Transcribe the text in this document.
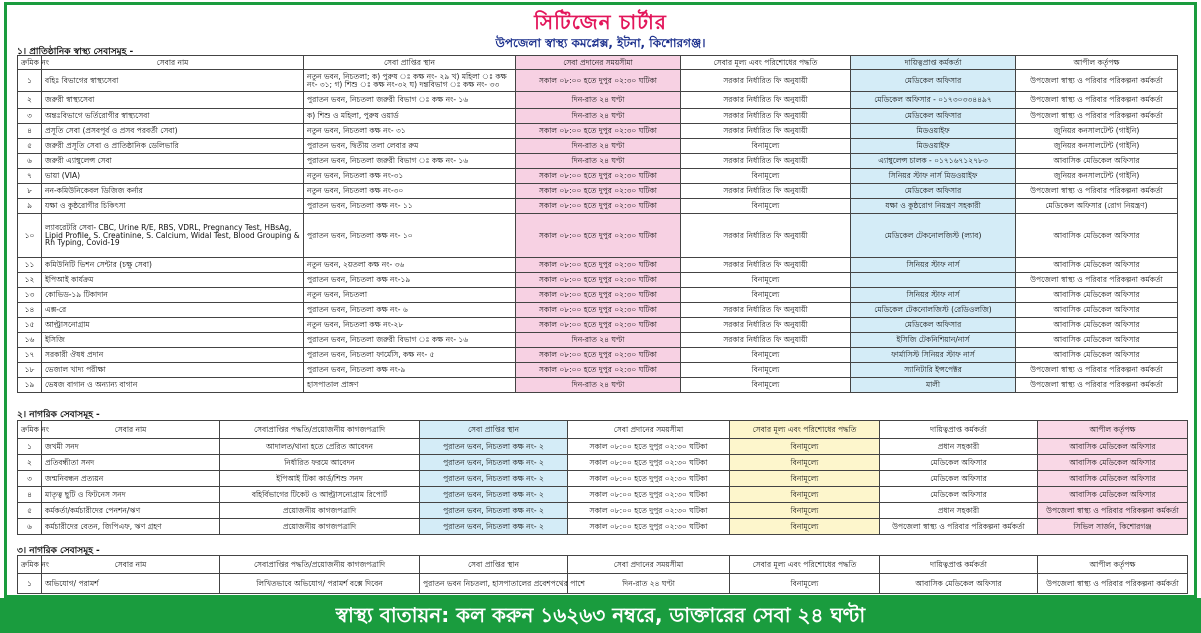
সিটিজেন চার্টার
উপজেলা স্বাস্থ্য কমপ্লেক্স, ইটনা, কিশোরগঞ্জ।
১। প্রাতিষ্ঠানিক স্বাস্থ্য সেবাসমূহ -
ক্রমিক নং	সেবার নাম	সেবা প্রাপ্তির স্থান	সেবা প্রদানের সময়সীমা	সেবার মূল্য এবং পরিশোধের পদ্ধতি	দায়িত্বপ্রাপ্ত কর্মকর্তা	আপীল কর্তৃপক্ষ
১	বহিঃ বিভাগের স্বাস্থ্যসেবা	নতুন ভবন, নিচতলা; ক) পুরুষ ঃ কক্ষ নং- ২৯ খ) মহিলা ঃ কক্ষ নং- ৩১; গ) শিশু ঃ কক্ষ নং-৩২ ঘ) দন্তবিভাগ ঃ কক্ষ নং- ৩৩	সকাল ০৮:০০ হতে দুপুর ০২:৩০ ঘটিকা	সরকার নির্ধারিত ফি অনুযায়ী	মেডিকেল অফিসার	উপজেলা স্বাস্থ্য ও পরিবার পরিকল্পনা কর্মকর্তা
২	জরুরী স্বাস্থ্যসেবা	পুরাতন ভবন, নিচতলা জরুরী বিভাগ ঃ কক্ষ নং- ১৬	দিন-রাত ২৪ ঘণ্টা	সরকার নির্ধারিত ফি অনুযায়ী	মেডিকেল অফিসার - ০১৭৩০৩৩৪৪৯৭	উপজেলা স্বাস্থ্য ও পরিবার পরিকল্পনা কর্মকর্তা
৩	অন্তঃবিভাগে ভর্তিরোগীর স্বাস্থ্যসেবা	ক) শিশু ও মহিলা, পুরুষ ওয়ার্ড	দিন-রাত ২৪ ঘণ্টা	সরকার নির্ধারিত ফি অনুযায়ী	মেডিকেল অফিসার	উপজেলা স্বাস্থ্য ও পরিবার পরিকল্পনা কর্মকর্তা
৪	প্রসূতি সেবা (প্রসবপূর্ব ও প্রসব পরবর্তী সেবা)	নতুন ভবন, নিচতলা কক্ষ নং- ৩১	সকাল ০৮:০০ হতে দুপুর ০২:৩০ ঘটিকা	সরকার নির্ধারিত ফি অনুযায়ী	মিডওয়াইফ	জুনিয়র কনসালটেন্ট (গাইনি)
৫	জরুরী প্রসূতি সেবা ও প্রাতিষ্ঠানিক ডেলিভারি	পুরাতন ভবন, দ্বিতীয় তলা লেবার রুম	দিন-রাত ২৪ ঘণ্টা	বিনামূল্যে	মিডওয়াইফ	জুনিয়র কনসালটেন্ট (গাইনি)
৬	জরুরী এ্যাম্বুলেন্স সেবা	পুরাতন ভবন, নিচতলা জরুরী বিভাগ ঃ কক্ষ নং- ১৬	দিন-রাত ২৪ ঘণ্টা	সরকার নির্ধারিত ফি অনুযায়ী	এ্যাম্বুলেন্স চালক - ০১৭১৬৭১২৭৮৩	আবাসিক মেডিকেল অফিসার
৭	ভায়া (VIA)	নতুন ভবন, নিচতলা কক্ষ নং-৩১	সকাল ০৮:০০ হতে দুপুর ০২:৩০ ঘটিকা	বিনামূল্যে	সিনিয়র স্টাফ নার্স মিডওয়াইফ	জুনিয়র কনসালটেন্ট (গাইনি)
৮	নন-কমিউনিকেবল ডিজিজ কর্নার	নতুন ভবন, নিচতলা কক্ষ নং-৩০	সকাল ০৮:০০ হতে দুপুর ০২:৩০ ঘটিকা	সরকার নির্ধারিত ফি অনুযায়ী	মেডিকেল অফিসার	উপজেলা স্বাস্থ্য ও পরিবার পরিকল্পনা কর্মকর্তা
৯	যক্ষা ও কুষ্ঠরোগীর চিকিৎসা	পুরাতন ভবন, নিচতলা কক্ষ নং- ১১	সকাল ০৮:০০ হতে দুপুর ০২:৩০ ঘটিকা	বিনামূল্যে	যক্ষা ও কুষ্ঠরোগ নিয়ন্ত্রণ সহকারী	মেডিকেল অফিসার (রোগ নিয়ন্ত্রণ)
১০	ল্যাবরেটরি সেবা- CBC, Urine R/E, RBS, VDRL, Pregnancy Test, HBsAg, Lipid Profile, S. Creatinine, S. Calcium, Widal Test, Blood Grouping & Rh Typing, Covid-19	পুরাতন ভবন, নিচতলা কক্ষ নং- ১০	সকাল ০৮:০০ হতে দুপুর ০২:৩০ ঘটিকা	সরকার নির্ধারিত ফি অনুযায়ী	মেডিকেল টেকনোলজিস্ট (ল্যাব)	আবাসিক মেডিকেল অফিসার
১১	কমিউনিটি ভিশন সেন্টার (চক্ষু সেবা)	নতুন ভবন, ২য়তলা কক্ষ নং- ৩৬	সকাল ০৮:০০ হতে দুপুর ০২:৩০ ঘটিকা	সরকার নির্ধারিত ফি অনুযায়ী	সিনিয়র স্টাফ নার্স	আবাসিক মেডিকেল অফিসার
১২	ইপিআই কার্যক্রম	পুরাতন ভবন, নিচতলা কক্ষ নং-১৯	সকাল ০৮:০০ হতে দুপুর ০২:৩০ ঘটিকা	বিনামূল্যে		উপজেলা স্বাস্থ্য ও পরিবার পরিকল্পনা কর্মকর্তা
১৩	কোভিড-১৯ টিকাদান	নতুন ভবন, নিচতলা	সকাল ০৮:০০ হতে দুপুর ০২:৩০ ঘটিকা	বিনামূল্যে	সিনিয়র স্টাফ নার্স	আবাসিক মেডিকেল অফিসার
১৪	এক্স-রে	পুরাতন ভবন, নিচতলা কক্ষ নং- ৬	সকাল ০৮:০০ হতে দুপুর ০২:৩০ ঘটিকা	সরকার নির্ধারিত ফি অনুযায়ী	মেডিকেল টেকনোলজিস্ট (রেডিওলজি)	আবাসিক মেডিকেল অফিসার
১৫	আল্ট্রাসনোগ্রাম	নতুন ভবন, নিচতলা কক্ষ নং-২৮	সকাল ০৮:০০ হতে দুপুর ০২:৩০ ঘটিকা	সরকার নির্ধারিত ফি অনুযায়ী	মেডিকেল অফিসার	আবাসিক মেডিকেল অফিসার
১৬	ইসিজি	পুরাতন ভবন, নিচতলা জরুরী বিভাগ ঃ কক্ষ নং- ১৬	দিন-রাত ২৪ ঘণ্টা	সরকার নির্ধারিত ফি অনুযায়ী	ইসিজি টেকনিশিয়ান/নার্স	আবাসিক মেডিকেল অফিসার
১৭	সরকারী ঔষধ প্রদান	পুরাতন ভবন, নিচতলা ফার্মেসি, কক্ষ নং- ৫	সকাল ০৮:০০ হতে দুপুর ০২:৩০ ঘটিকা	বিনামূল্যে	ফার্মাসিস্ট সিনিয়র স্টাফ নার্স	আবাসিক মেডিকেল অফিসার
১৮	ভেজাল খাদ্য পরীক্ষা	পুরাতন ভবন, নিচতলা কক্ষ নং-৯	সকাল ০৮:০০ হতে দুপুর ০২:৩০ ঘটিকা	বিনামূল্যে	স্যানিটারি ইন্সপেক্টর	উপজেলা স্বাস্থ্য ও পরিবার পরিকল্পনা কর্মকর্তা
১৯	ভেষজ বাগান ও অন্যান্য বাগান	হাসপাতাল প্রাঙ্গণ	দিন-রাত ২৪ ঘণ্টা	বিনামূল্যে	মালী	উপজেলা স্বাস্থ্য ও পরিবার পরিকল্পনা কর্মকর্তা
২। নাগরিক সেবাসমূহ -
ক্রমিক নং	সেবার নাম	সেবাপ্রাপ্তির পদ্ধতি/প্রয়োজনীয় কাগজপত্রাদি	সেবা প্রাপ্তির স্থান	সেবা প্রদানের সময়সীমা	সেবার মূল্য এবং পরিশোধের পদ্ধতি	দায়িত্বপ্রাপ্ত কর্মকর্তা	আপীল কর্তৃপক্ষ
১	জখমী সনদ	আদালত/থানা হতে প্রেরিত আবেদন	পুরাতন ভবন, নিচতলা কক্ষ নং- ২	সকাল ০৮:০০ হতে দুপুর ০২:৩০ ঘটিকা	বিনামূল্যে	প্রধান সহকারী	আবাসিক মেডিকেল অফিসার
২	প্রতিবন্ধীতা সনদ	নির্ধারিত ফরমে আবেদন	পুরাতন ভবন, নিচতলা কক্ষ নং- ২	সকাল ০৮:০০ হতে দুপুর ০২:৩০ ঘটিকা	বিনামূল্যে	মেডিকেল অফিসার	আবাসিক মেডিকেল অফিসার
৩	জন্মনিবন্ধন প্রত্যয়ন	ইপিআই টিকা কার্ড/শিশু সনদ	পুরাতন ভবন, নিচতলা কক্ষ নং- ২	সকাল ০৮:০০ হতে দুপুর ০২:৩০ ঘটিকা	বিনামূল্যে	মেডিকেল অফিসার	আবাসিক মেডিকেল অফিসার
৪	মাতৃত্ব ছুটি ও ফিটনেস সনদ	বহির্বিভাগের টিকেট ও আল্ট্রাসনোগ্রাম রিপোর্ট	পুরাতন ভবন, নিচতলা কক্ষ নং- ২	সকাল ০৮:০০ হতে দুপুর ০২:৩০ ঘটিকা	বিনামূল্যে	মেডিকেল অফিসার	আবাসিক মেডিকেল অফিসার
৫	কর্মকর্তা/কর্মচারীদের পেনশন/ঋণ	প্রয়োজনীয় কাগজপত্রাদি	পুরাতন ভবন, নিচতলা কক্ষ নং- ২	সকাল ০৮:০০ হতে দুপুর ০২:৩০ ঘটিকা	বিনামূল্যে	প্রধান সহকারী	উপজেলা স্বাস্থ্য ও পরিবার পরিকল্পনা কর্মকর্তা
৬	কর্মচারীদের বেতন, জিপিএফ, ঋণ গ্রহণ	প্রয়োজনীয় কাগজপত্রাদি	পুরাতন ভবন, নিচতলা কক্ষ নং- ২	সকাল ০৮:০০ হতে দুপুর ০২:৩০ ঘটিকা	বিনামূল্যে	উপজেলা স্বাস্থ্য ও পরিবার পরিকল্পনা কর্মকর্তা	সিভিল সার্জন, কিশোরগঞ্জ
৩। নাগরিক সেবাসমূহ -
ক্রমিক নং	সেবার নাম	সেবাপ্রাপ্তির পদ্ধতি/প্রয়োজনীয় কাগজপত্রাদি	সেবা প্রাপ্তির স্থান	সেবা প্রদানের সময়সীমা	সেবার মূল্য এবং পরিশোধের পদ্ধতি	দায়িত্বপ্রাপ্ত কর্মকর্তা	আপীল কর্তৃপক্ষ
১	অভিযোগ/ পরামর্শ	লিখিতভাবে অভিযোগ/ পরামর্শ বক্সে দিবেন	পুরাতন ভবন নিচতলা, হাসপাতালের প্রবেশপথের পাশে	দিন-রাত ২৪ ঘণ্টা	বিনামূল্যে	আবাসিক মেডিকেল অফিসার	উপজেলা স্বাস্থ্য ও পরিবার পরিকল্পনা কর্মকর্তা
স্বাস্থ্য বাতায়ন: কল করুন ১৬২৬৩ নম্বরে, ডাক্তারের সেবা ২৪ ঘণ্টা
